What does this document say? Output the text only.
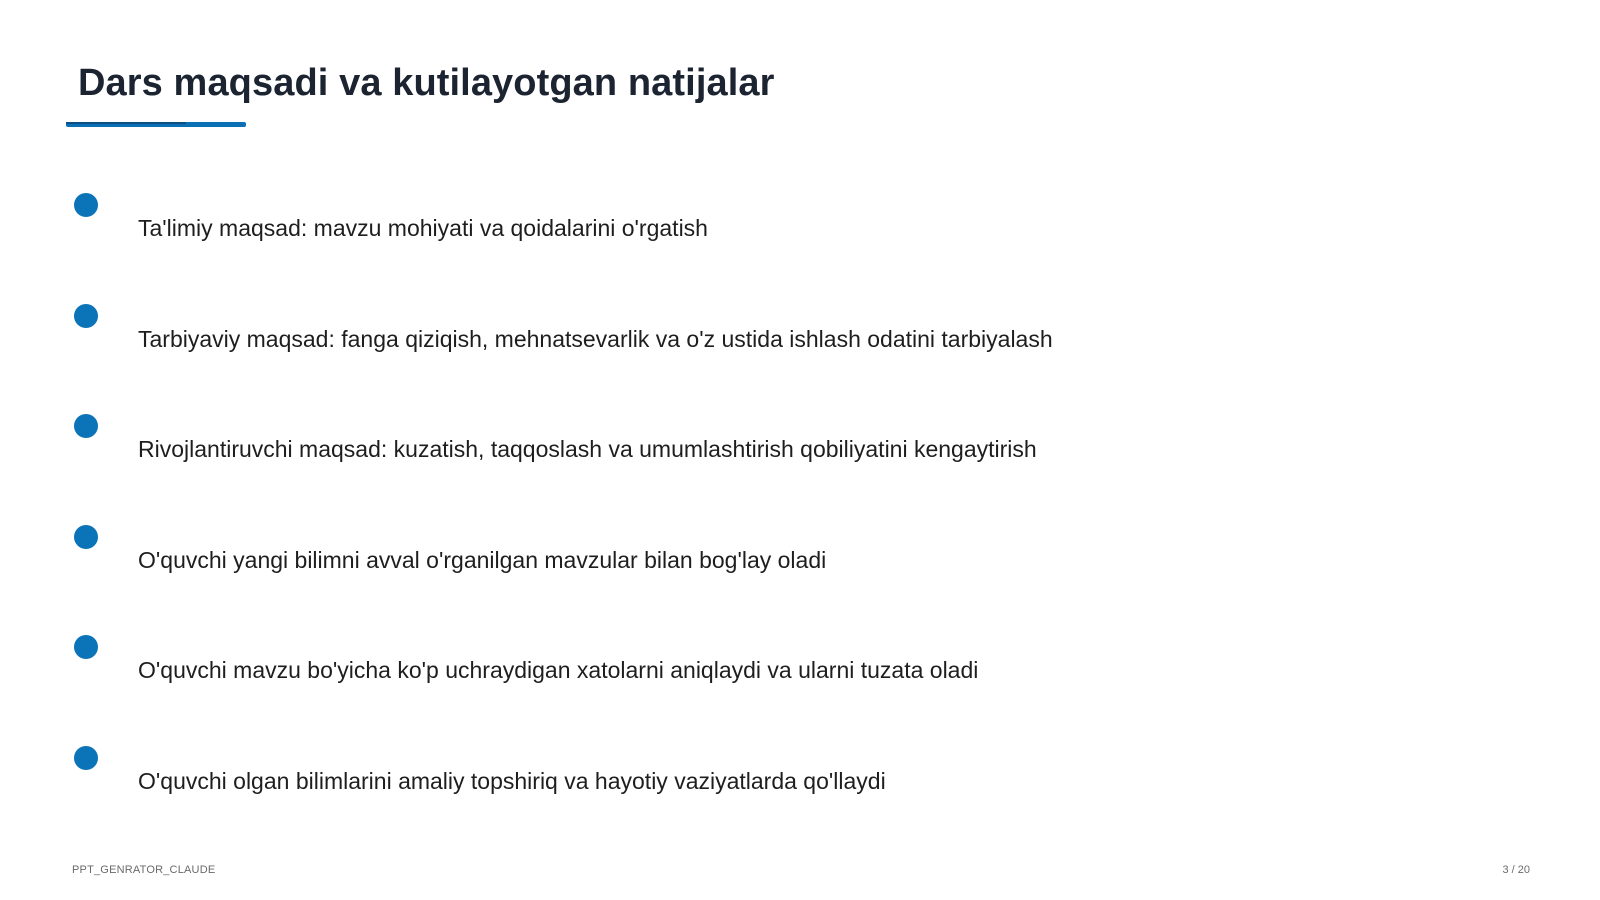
Dars maqsadi va kutilayotgan natijalar
Ta'limiy maqsad: mavzu mohiyati va qoidalarini o'rgatish
Tarbiyaviy maqsad: fanga qiziqish, mehnatsevarlik va o'z ustida ishlash odatini tarbiyalash
Rivojlantiruvchi maqsad: kuzatish, taqqoslash va umumlashtirish qobiliyatini kengaytirish
O'quvchi yangi bilimni avval o'rganilgan mavzular bilan bog'lay oladi
O'quvchi mavzu bo'yicha ko'p uchraydigan xatolarni aniqlaydi va ularni tuzata oladi
O'quvchi olgan bilimlarini amaliy topshiriq va hayotiy vaziyatlarda qo'llaydi
PPT_GENRATOR_CLAUDE	3 / 20
